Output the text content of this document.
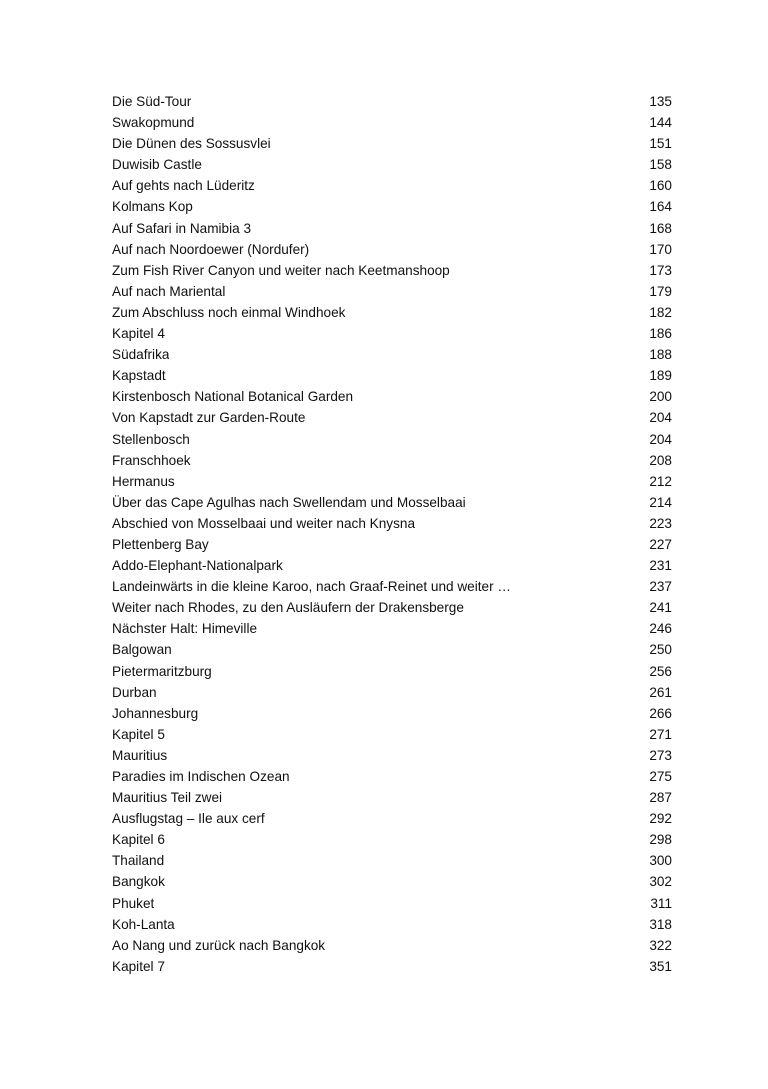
Die Süd-Tour	135
Swakopmund	144
Die Dünen des Sossusvlei	151
Duwisib Castle	158
Auf gehts nach Lüderitz	160
Kolmans Kop	164
Auf Safari in Namibia 3	168
Auf nach Noordoewer (Nordufer)	170
Zum Fish River Canyon und weiter nach Keetmanshoop	173
Auf nach Mariental	179
Zum Abschluss noch einmal Windhoek	182
Kapitel 4	186
Südafrika	188
Kapstadt	189
Kirstenbosch National Botanical Garden	200
Von Kapstadt zur Garden-Route	204
Stellenbosch	204
Franschhoek	208
Hermanus	212
Über das Cape Agulhas nach Swellendam und Mosselbaai	214
Abschied von Mosselbaai und weiter nach Knysna	223
Plettenberg Bay	227
Addo-Elephant-Nationalpark	231
Landeinwärts in die kleine Karoo, nach Graaf-Reinet und weiter …	237
Weiter nach Rhodes, zu den Ausläufern der Drakensberge	241
Nächster Halt: Himeville	246
Balgowan	250
Pietermaritzburg	256
Durban	261
Johannesburg	266
Kapitel 5	271
Mauritius	273
Paradies im Indischen Ozean	275
Mauritius Teil zwei	287
Ausflugstag – Ile aux cerf	292
Kapitel 6	298
Thailand	300
Bangkok	302
Phuket	311
Koh-Lanta	318
Ao Nang und zurück nach Bangkok	322
Kapitel 7	351
